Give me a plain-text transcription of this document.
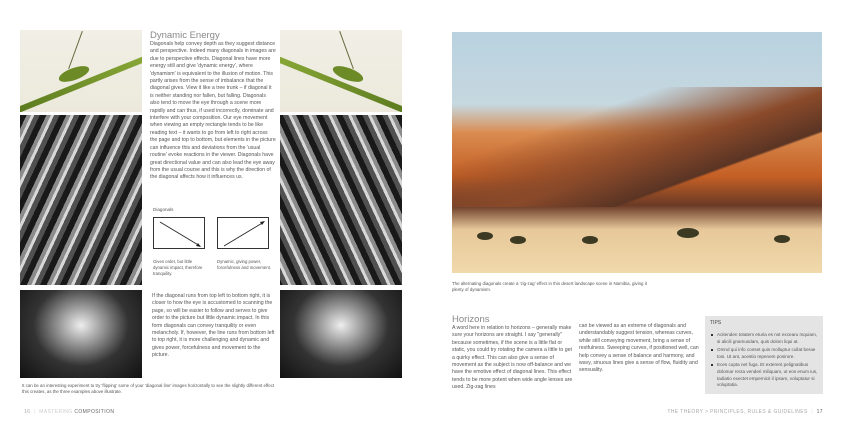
Dynamic Energy

Diagonals help convey depth as they suggest distance and perspective. Indeed many diagonals in images are due to perspective effects. Diagonal lines have more energy still and give 'dynamic energy', where 'dynamism' is equivalent to the illusion of motion. This partly arises from the sense of imbalance that the diagonal gives. View it like a tree trunk – if diagonal it is neither standing nor fallen, but falling. Diagonals also tend to move the eye through a scene more rapidly and can thus, if used incorrectly, dominate and interfere with your composition. Our eye movement when viewing an empty rectangle tends to be like reading text – it wants to go from left to right across the page and top to bottom, but elements in the picture can influence this and deviations from the 'usual routine' evoke reactions in the viewer. Diagonals have great directional value and can also lead the eye away from the usual course and this is why the direction of the diagonal affects how it influences us.

Diagonals
Gives order, but little dynamic impact, therefore tranquility.
Dynamic, giving power, forcefulness and movement.
If the diagonal runs from top left to bottom right, it is closer to how the eye is accustomed to scanning the page, so will be easier to follow and serves to give order to the picture but little dynamic impact. In this form diagonals can convey tranquility or even melancholy. If, however, the line runs from bottom left to top right, it is more challenging and dynamic and gives power, forcefulness and movement to the picture.
It can be an interesting experiment to try 'flipping' some of your 'diagonal line' images horizontally to see the slightly different effect this creates, as the three examples above illustrate.
16  |  MASTERING COMPOSITION
The alternating diagonals create a 'zig-zag' effect in this desert landscape scene in Namibia, giving it plenty of dynamism.
Horizons

A word here in relation to horizons – generally make sure your horizons are straight. I say "generally" because sometimes, if the scene is a little flat or static, you could try rotating the camera a little to get a quirky effect. This can also give a sense of movement as the subject is now off-balance and we have the emotive effect of diagonal lines. This effect tends to be more potent when wide angle lenses are used. Zig-zag lines

can be viewed as an extreme of diagonals and understandably suggest tension, whereas curves, while still conveying movement, bring a sense of restfulness. Sweeping curves, if positioned well, can help convey a sense of balance and harmony, and wavy, sinuous lines give a sense of flow, fluidity and sensuality.
TIPS
Acitenden totatem eturia es not excearu mquiam, si alicili gnamusdam, quis dolom liqui at.
Omnd qui info conset quis molluptur cullat berae tosi. Ut ant, acestio repenem posirore.
Eces cupta net fuga. Et exterent pelignatibus dolomar recta venderi miliquam, ut eos enum ius, tadiatio exectet empernicit il ipsam, voluptatur si voluptatia.
THE THEORY > PRINCIPLES, RULES & GUIDELINES  |  17
